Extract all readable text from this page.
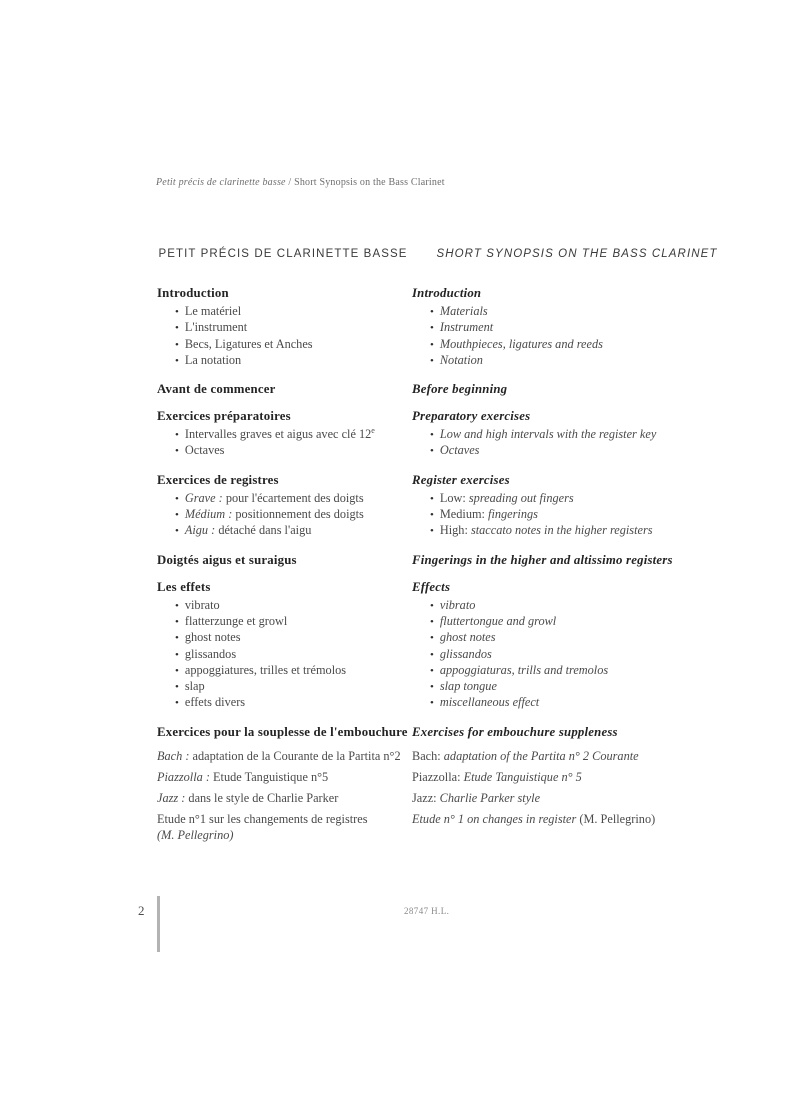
Petit précis de clarinette basse / Short Synopsis on the Bass Clarinet
PETIT PRÉCIS DE CLARINETTE BASSE
Introduction
• Le matériel
• L'instrument
• Becs, Ligatures et Anches
• La notation
Avant de commencer
Exercices préparatoires
• Intervalles graves et aigus avec clé 12e
• Octaves
Exercices de registres
• Grave : pour l'écartement des doigts
• Médium : positionnement des doigts
• Aigu : détaché dans l'aigu
Doigtés aigus et suraigus
Les effets
• vibrato
• flatterzunge et growl
• ghost notes
• glissandos
• appoggiatures, trilles et trémolos
• slap
• effets divers
Exercices pour la souplesse de l'embouchure

Bach : adaptation de la Courante de la Partita n°2

Piazzolla : Etude Tanguistique n°5

Jazz : dans le style de Charlie Parker

Etude n°1 sur les changements de registres
(M. Pellegrino)

SHORT SYNOPSIS ON THE BASS CLARINET
Introduction
• Materials
• Instrument
• Mouthpieces, ligatures and reeds
• Notation
Before beginning
Preparatory exercises
• Low and high intervals with the register key
• Octaves
Register exercises
• Low: spreading out fingers
• Medium: fingerings
• High: staccato notes in the higher registers
Fingerings in the higher and altissimo registers
Effects
• vibrato
• fluttertongue and growl
• ghost notes
• glissandos
• appoggiaturas, trills and tremolos
• slap tongue
• miscellaneous effect
Exercises for embouchure suppleness

Bach: adaptation of the Partita n° 2 Courante

Piazzolla: Etude Tanguistique n° 5

Jazz: Charlie Parker style

Etude n° 1 on changes in register (M. Pellegrino)

2	28747 H.L.
